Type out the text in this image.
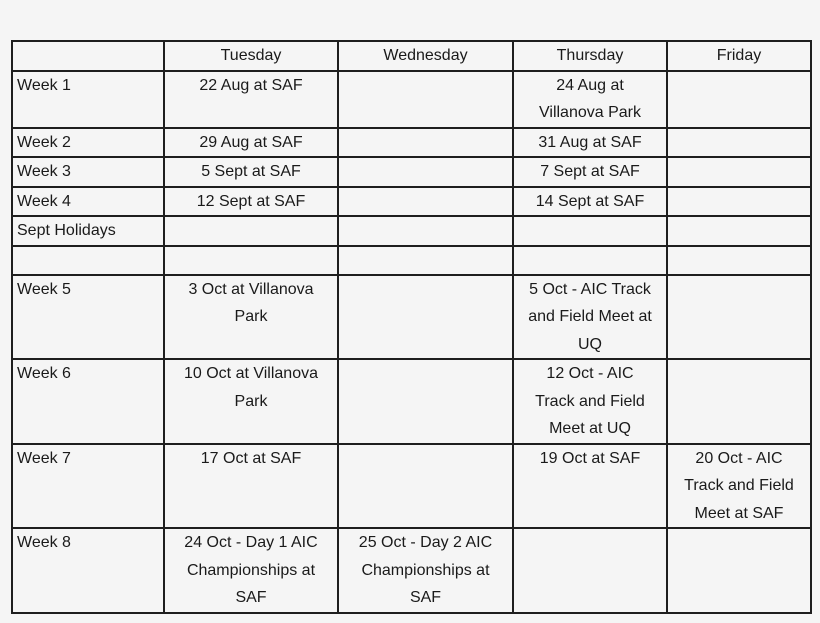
	Tuesday	Wednesday	Thursday	Friday
Week 1	22 Aug at SAF		24 Aug at Villanova Park	
Week 2	29 Aug at SAF		31 Aug at SAF	
Week 3	5 Sept at SAF		7 Sept at SAF	
Week 4	12 Sept at SAF		14 Sept at SAF	
Sept Holidays				

Week 5	3 Oct at Villanova Park		5 Oct - AIC Track and Field Meet at UQ	
Week 6	10 Oct at Villanova Park		12 Oct - AIC Track and Field Meet at UQ	
Week 7	17 Oct at SAF		19 Oct at SAF	20 Oct - AIC Track and Field Meet at SAF
Week 8	24 Oct - Day 1 AIC Championships at SAF	25 Oct - Day 2 AIC Championships at SAF		
